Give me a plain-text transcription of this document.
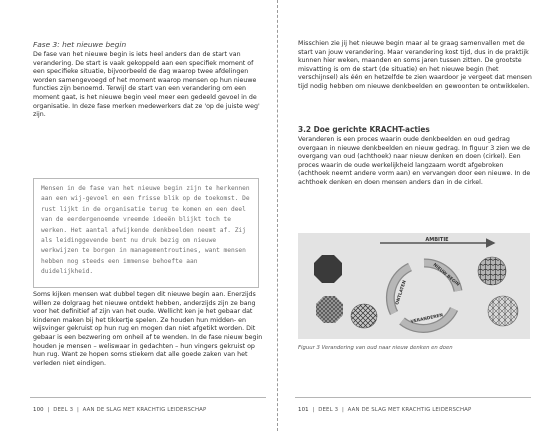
Fase 3: het nieuwe begin
De fase van het nieuwe begin is iets heel anders dan de start van verandering. De start is vaak gekoppeld aan een specifiek moment of een specifieke situatie, bijvoorbeeld de dag waarop twee afdelingen worden samengevoegd of het moment waarop mensen op hun nieuwe functies zijn benoemd. Terwijl de start van een verandering om een moment gaat, is het nieuwe begin veel meer een gedeeld gevoel in de organisatie. In deze fase merken medewerkers dat ze 'op de juiste weg' zijn.
Mensen in de fase van het nieuwe begin zijn te herkennen aan een wij-gevoel en een frisse blik op de toekomst. De rust lijkt in de organisatie terug te komen en een deel van de eerdergenoemde vreemde ideeën blijkt toch te werken. Het aantal afwijkende denkbeelden neemt af. Zij als leidinggevende bent nu druk bezig om nieuwe werkwijzen te borgen in managementroutines, want mensen hebben nog steeds een immense behoefte aan duidelijkheid.
Soms kijken mensen wat dubbel tegen dit nieuwe begin aan. Enerzijds willen ze dolgraag het nieuwe ontdekt hebben, anderzijds zijn ze bang voor het definitief af zijn van het oude. Wellicht ken je het gebaar dat kinderen maken bij het tikkertje spelen. Ze houden hun midden- en wijsvinger gekruist op hun rug en mogen dan niet afgetikt worden. Dit gebaar is een bezwering om onheil af te wenden. In de fase nieuw begin houden je mensen – weliswaar in gedachten – hun vingers gekruist op hun rug. Want ze hopen soms stiekem dat alle goede zaken van het verleden niet eindigen.
100 | DEEL 3 | AAN DE SLAG MET KRACHTIG LEIDERSCHAP
Misschien zie jij het nieuwe begin maar al te graag samenvallen met de start van jouw verandering. Maar verandering kost tijd, dus in de praktijk kunnen hier weken, maanden en soms jaren tussen zitten. De grootste misvatting is om de start (de situatie) en het nieuwe begin (het verschijnsel) als één en hetzelfde te zien waardoor je vergeet dat mensen tijd nodig hebben om nieuwe denkbeelden en gewoonten te ontwikkelen.
3.2 Doe gerichte KRACHT-acties
Veranderen is een proces waarin oude denkbeelden en oud gedrag overgaan in nieuwe denkbeelden en nieuw gedrag. In figuur 3 zien we de overgang van oud (achthoek) naar nieuw denken en doen (cirkel). Een proces waarin de oude werkelijkheid langzaam wordt afgebroken (achthoek neemt andere vorm aan) en vervangen door een nieuwe. In de achthoek denken en doen mensen anders dan in de cirkel.
AMBITIE
ONTLATEN
NIEUW BEGIN
VERANDEREN
Figuur 3 Verandering van oud naar nieuw denken en doen
101 | DEEL 3 | AAN DE SLAG MET KRACHTIG LEIDERSCHAP
